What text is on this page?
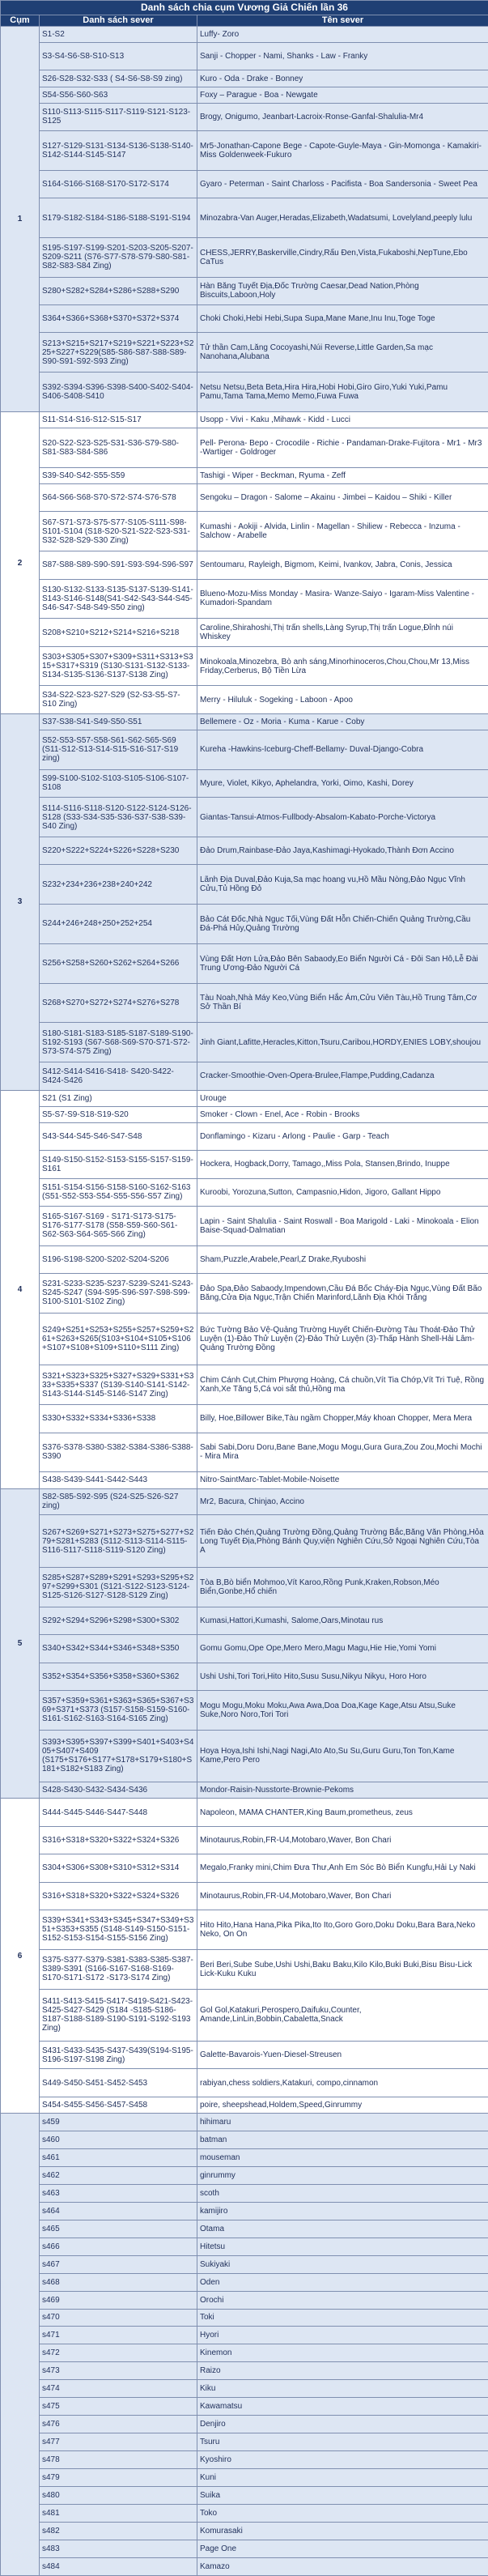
Danh sách chia cụm Vương Giả Chiến lần 36		
Cụm	Danh sách sever	Tên sever
1	S1-S2	Luffy- Zoro
	S3-S4-S6-S8-S10-S13	Sanji - Chopper - Nami, Shanks - Law - Franky
	S26-S28-S32-S33 ( S4-S6-S8-S9 zing)	Kuro - Oda - Drake - Bonney
	S54-S56-S60-S63	Foxy – Parague - Boa - Newgate
	S110-S113-S115-S117-S119-S121-S123-S125	Brogy, Onigumo, Jeanbart-Lacroix-Ronse-Ganfal-Shalulia-Mr4
	S127-S129-S131-S134-S136-S138-S140-S142-S144-S145-S147	Mr5-Jonathan-Capone Bege - Capote-Guyle-Maya - Gin-Momonga - Kamakiri-Miss Goldenweek-Fukuro
	S164-S166-S168-S170-S172-S174	Gyaro - Peterman - Saint Charloss - Pacifista - Boa Sandersonia - Sweet Pea
	S179-S182-S184-S186-S188-S191-S194	Minozabra-Van Auger,Heradas,Elizabeth,Wadatsumi, Lovelyland,peeply lulu
	S195-S197-S199-S201-S203-S205-S207-S209-S211 (S76-S77-S78-S79-S80-S81-S82-S83-S84 Zing)	CHESS,JERRY,Baskerville,Cindry,Rấu Đen,Vista,Fukaboshi,NepTune,Ebo CaTus
	S280+S282+S284+S286+S288+S290	Hàn Băng Tuyết Địa,Đốc Trường Caesar,Dead Nation,Phòng Biscuits,Laboon,Holy
	S364+S366+S368+S370+S372+S374	Choki Choki,Hebi Hebi,Supa Supa,Mane Mane,Inu Inu,Toge Toge
	S213+S215+S217+S219+S221+S223+S225+S227+S229(S85-S86-S87-S88-S89-S90-S91-S92-S93 Zing)	Tử thần Cam,Lăng Cocoyashi,Núi Reverse,Little Garden,Sa mạc Nanohana,Alubana
	S392-S394-S396-S398-S400-S402-S404-S406-S408-S410	Netsu Netsu,Beta Beta,Hira Hira,Hobi Hobi,Giro Giro,Yuki Yuki,Pamu Pamu,Tama Tama,Memo Memo,Fuwa Fuwa
2	S11-S14-S16-S12-S15-S17	Usopp - Vivi - Kaku ,Mihawk - Kidd - Lucci
	S20-S22-S23-S25-S31-S36-S79-S80-S81-S83-S84-S86	Pell- Perona- Bepo - Crocodile - Richie - Pandaman-Drake-Fujitora - Mr1 - Mr3 -Wartiger - Goldroger
	S39-S40-S42-S55-S59	Tashigi - Wiper - Beckman, Ryuma - Zeff
	S64-S66-S68-S70-S72-S74-S76-S78	Sengoku – Dragon - Salome – Akainu - Jimbei – Kaidou – Shiki - Killer
	S67-S71-S73-S75-S77-S105-S111-S98-S101-S104 (S18-S20-S21-S22-S23-S31-S32-S28-S29-S30 Zing)	Kumashi - Aokiji - Alvida, Linlin - Magellan - Shiliew - Rebecca - Inzuma - Salchow - Arabelle
	S87-S88-S89-S90-S91-S93-S94-S96-S97	Sentoumaru, Rayleigh, Bigmom, Keimi, Ivankov, Jabra, Conis, Jessica
	S130-S132-S133-S135-S137-S139-S141-S143-S146-S148(S41-S42-S43-S44-S45-S46-S47-S48-S49-S50 zing)	Blueno-Mozu-Miss Monday - Masira- Wanze-Saiyo - Igaram-Miss Valentine - Kumadori-Spandam
	S208+S210+S212+S214+S216+S218	Caroline,Shirahoshi,Thị trấn shells,Làng Syrup,Thị trấn Logue,Đỉnh núi Whiskey
	S303+S305+S307+S309+S311+S313+S315+S317+S319 (S130-S131-S132-S133-S134-S135-S136-S137-S138 Zing)	Minokoala,Minozebra, Bò anh sáng,Minorhinoceros,Chou,Chou,Mr 13,Miss Friday,Cerberus, Bộ Tiền Lừa
	S34-S22-S23-S27-S29 (S2-S3-S5-S7-S10 Zing)	Merry - Hiluluk - Sogeking - Laboon - Apoo
3	S37-S38-S41-S49-S50-S51	Bellemere - Oz - Moria - Kuma - Karue - Coby
	S52-S53-S57-S58-S61-S62-S65-S69 (S11-S12-S13-S14-S15-S16-S17-S19 zing)	Kureha -Hawkins-Iceburg-Cheff-Bellamy- Duval-Django-Cobra
	S99-S100-S102-S103-S105-S106-S107-S108	Myure, Violet, Kikyo, Aphelandra, Yorki, Oimo, Kashi, Dorey
	S114-S116-S118-S120-S122-S124-S126-S128 (S33-S34-S35-S36-S37-S38-S39-S40 Zing)	Giantas-Tansui-Atmos-Fullbody-Absalom-Kabato-Porche-Victorya
	S220+S222+S224+S226+S228+S230	Đảo Drum,Rainbase-Đảo Jaya,Kashimagi-Hyokado,Thành Đơn Accino
	S232+234+236+238+240+242	Lãnh Địa Duval,Đảo Kuja,Sa mạc hoang vu,Hồ Mầu Nòng,Đảo Ngục Vĩnh Cửu,Tủ Hồng Đỏ
	S244+246+248+250+252+254	Bảo Cát Đốc,Nhà Ngục Tối,Vùng Đất Hỗn Chiến-Chiến Quảng Trường,Cầu Đá-Phá Hủy,Quảng Trường
	S256+S258+S260+S262+S264+S266	Vùng Đất Hơn Lửa,Đảo Bên Sabaody,Eo Biển Người Cá - Đôi San Hô,Lễ Đài Trung Ương-Đảo Người Cá
	S268+S270+S272+S274+S276+S278	Tàu Noah,Nhà Máy Keo,Vùng Biển Hắc Ám,Cửu Viên Tàu,Hồ Trung Tâm,Cơ Sở Thần Bí
	S180-S181-S183-S185-S187-S189-S190-S192-S193 (S67-S68-S69-S70-S71-S72-S73-S74-S75 Zing)	Jinh Giant,Lafitte,Heracles,Kitton,Tsuru,Caribou,HORDY,ENIES LOBY,shoujou
	S412-S414-S416-S418- S420-S422-S424-S426	Cracker-Smoothie-Oven-Opera-Brulee,Flampe,Pudding,Cadanza
4	S21 (S1 Zing)	Urouge
	S5-S7-S9-S18-S19-S20	Smoker - Clown - Enel, Ace - Robin - Brooks
	S43-S44-S45-S46-S47-S48	Donflamingo - Kizaru - Arlong - Paulie - Garp - Teach
	S149-S150-S152-S153-S155-S157-S159-S161	Hockera, Hogback,Dorry, Tamago,,Miss Pola, Stansen,Brindo, Inuppe
	S151-S154-S156-S158-S160-S162-S163 (S51-S52-S53-S54-S55-S56-S57 Zing)	Kuroobi, Yorozuna,Sutton, Campasnio,Hidon, Jigoro, Gallant Hippo
	S165-S167-S169 - S171-S173-S175- S176-S177-S178 (S58-S59-S60-S61-S62-S63-S64-S65-S66 Zing)	Lapin - Saint Shalulia - Saint Roswall - Boa Marigold - Laki - Minokoala - Elion Baise-Squad-Dalmatian
	S196-S198-S200-S202-S204-S206	Sham,Puzzle,Arabele,Pearl,Z Drake,Ryuboshi
	S231-S233-S235-S237-S239-S241-S243-S245-S247 (S94-S95-S96-S97-S98-S99-S100-S101-S102 Zing)	Đảo Spa,Đảo Sabaody,Impendown,Cầu Đá Bốc Cháy-Địa Ngục,Vùng Đất Bão Băng,Cửa Địa Ngục,Trận Chiến Marinford,Lãnh Địa Khói Trắng
	S249+S251+S253+S255+S257+S259+S261+S263+S265(S103+S104+S105+S106+S107+S108+S109+S110+S111 Zing)	Bức Tường Bảo Vệ-Quảng Trường Huyết Chiến-Đường Tàu Thoát-Đảo Thử Luyện (1)-Đảo Thử Luyện (2)-Đảo Thử Luyện (3)-Thấp Hành Shell-Hải Lâm-Quảng Trường Đồng
	S321+S323+S325+S327+S329+S331+S333+S335+S337 (S139-S140-S141-S142-S143-S144-S145-S146-S147 Zing)	Chim Cánh Cụt,Chim Phượng Hoàng, Cá chuồn,Vít Tia Chớp,Vít Tri Tuệ, Rồng Xanh,Xe Tăng 5,Cá voi sắt thủ,Hồng ma
	S330+S332+S334+S336+S338	Billy, Hoe,Billower Bike,Tàu ngầm Chopper,Máy khoan Chopper, Mera Mera
	S376-S378-S380-S382-S384-S386-S388-S390	Sabi Sabi,Doru Doru,Bane Bane,Mogu Mogu,Gura Gura,Zou Zou,Mochi Mochi - Mira Mira
	S438-S439-S441-S442-S443	Nitro-SaintMarc-Tablet-Mobile-Noisette
5	S82-S85-S92-S95 (S24-S25-S26-S27 zing)	Mr2, Bacura, Chinjao, Accino
	S267+S269+S271+S273+S275+S277+S279+S281+S283 (S112-S113-S114-S115-S116-S117-S118-S119-S120 Zing)	Tiến Đảo Chén,Quảng Trường Đồng,Quảng Trường Bắc,Băng Văn Phòng,Hỏa Long Tuyết Địa,Phòng Bánh Quy,viện Nghiên Cứu,Sở Ngoại Nghiên Cứu,Tòa A
	S285+S287+S289+S291+S293+S295+S297+S299+S301 (S121-S122-S123-S124-S125-S126-S127-S128-S129 Zing)	Tòa B,Bò biển Mohmoo,Vít Karoo,Rồng Punk,Kraken,Robson,Méo Biển,Gonbe,Hổ chiến
	S292+S294+S296+S298+S300+S302	Kumasi,Hattori,Kumashi, Salome,Oars,Minotau rus
	S340+S342+S344+S346+S348+S350	Gomu Gomu,Ope Ope,Mero Mero,Magu Magu,Hie Hie,Yomi Yomi
	S352+S354+S356+S358+S360+S362	Ushi Ushi,Tori Tori,Hito Hito,Susu Susu,Nikyu Nikyu, Horo Horo
	S357+S359+S361+S363+S365+S367+S369+S371+S373 (S157-S158-S159-S160-S161-S162-S163-S164-S165 Zing)	Mogu Mogu,Moku Moku,Awa Awa,Doa Doa,Kage Kage,Atsu Atsu,Suke Suke,Noro Noro,Tori Tori
	S393+S395+S397+S399+S401+S403+S405+S407+S409 (S175+S176+S177+S178+S179+S180+S181+S182+S183 Zing)	Hoya Hoya,Ishi Ishi,Nagi Nagi,Ato Ato,Su Su,Guru Guru,Ton Ton,Kame Kame,Pero Pero
	S428-S430-S432-S434-S436	Mondor-Raisin-Nusstorte-Brownie-Pekoms
6	S444-S445-S446-S447-S448	Napoleon, MAMA CHANTER,King Baum,prometheus, zeus
	S316+S318+S320+S322+S324+S326	Minotaurus,Robin,FR-U4,Motobaro,Waver, Bon Chari
	S304+S306+S308+S310+S312+S314	Megalo,Franky mini,Chim Đưa Thư,Anh Em Sóc Bò Biển Kungfu,Hải Ly Naki
	S316+S318+S320+S322+S324+S326	Minotaurus,Robin,FR-U4,Motobaro,Waver, Bon Chari
	S339+S341+S343+S345+S347+S349+S351+S353+S355 (S148-S149-S150-S151-S152-S153-S154-S155-S156 Zing)	Hito Hito,Hana Hana,Pika Pika,Ito Ito,Goro Goro,Doku Doku,Bara Bara,Neko Neko, On On
	S375-S377-S379-S381-S383-S385-S387-S389-S391 (S166-S167-S168-S169-S170-S171-S172 -S173-S174 Zing)	Beri Beri,Sube Sube,Ushi Ushi,Baku Baku,Kilo Kilo,Buki Buki,Bisu Bisu-Lick Lick-Kuku Kuku
	S411-S413-S415-S417-S419-S421-S423-S425-S427-S429 (S184 -S185-S186-S187-S188-S189-S190-S191-S192-S193 Zing)	Gol Gol,Katakuri,Perospero,Daifuku,Counter, Amande,LinLin,Bobbin,Cabaletta,Snack
	S431-S433-S435-S437-S439(S194-S195-S196-S197-S198 Zing)	Galette-Bavarois-Yuen-Diesel-Streusen
	S449-S450-S451-S452-S453	rabiyan,chess soldiers,Katakuri, compo,cinnamon
	S454-S455-S456-S457-S458	poire, sheepshead,Holdem,Speed,Ginrummy
	s459	hihimaru
	s460	batman
	s461	mouseman
	s462	ginrummy
	s463	scoth
	s464	kamijiro
	s465	Otama
	s466	Hitetsu
	s467	Sukiyaki
	s468	Oden
	s469	Orochi
	s470	Toki
	s471	Hyori
	s472	Kinemon
	s473	Raizo
	s474	Kiku
	s475	Kawamatsu
	s476	Denjiro
	s477	Tsuru
	s478	Kyoshiro
	s479	Kuni
	s480	Suika
	s481	Toko
	s482	Komurasaki
	s483	Page One
	s484	Kamazo
